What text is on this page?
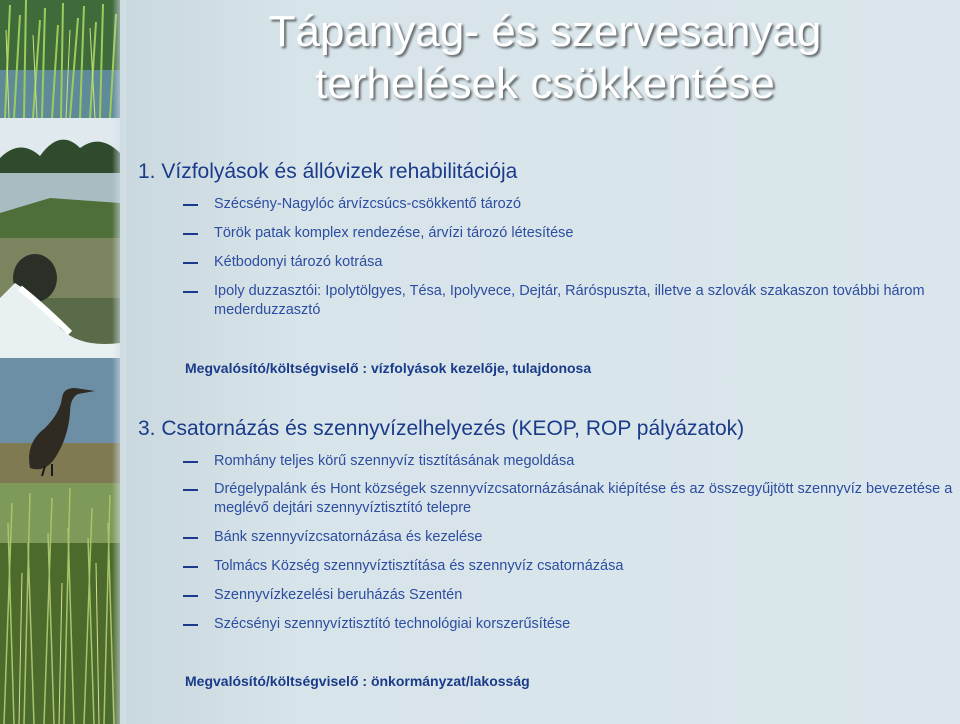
Tápanyag- és szervesanyag
terhelések csökkentése
1. Vízfolyások és állóvizek rehabilitációja
Szécsény-Nagylóc árvízcsúcs-csökkentő tározó
Török patak komplex rendezése, árvízi tározó létesítése
Kétbodonyi tározó kotrása
Ipoly duzzasztói: Ipolytölgyes, Tésa, Ipolyvece, Dejtár, Ráróspuszta, illetve a szlovák szakaszon további három mederduzzasztó
Megvalósító/költségviselő : vízfolyások kezelője, tulajdonosa
3. Csatornázás és szennyvízelhelyezés (KEOP, ROP pályázatok)
Romhány teljes körű szennyvíz tisztításának megoldása
Drégelypalánk és Hont községek szennyvízcsatornázásának kiépítése és az összegyűjtött szennyvíz bevezetése a meglévő dejtári szennyvíztisztító telepre
Bánk szennyvízcsatornázása és kezelése
Tolmács Község szennyvíztisztítása és szennyvíz csatornázása
Szennyvízkezelési beruházás Szentén
Szécsényi szennyvíztisztító technológiai korszerűsítése
Megvalósító/költségviselő : önkormányzat/lakosság
